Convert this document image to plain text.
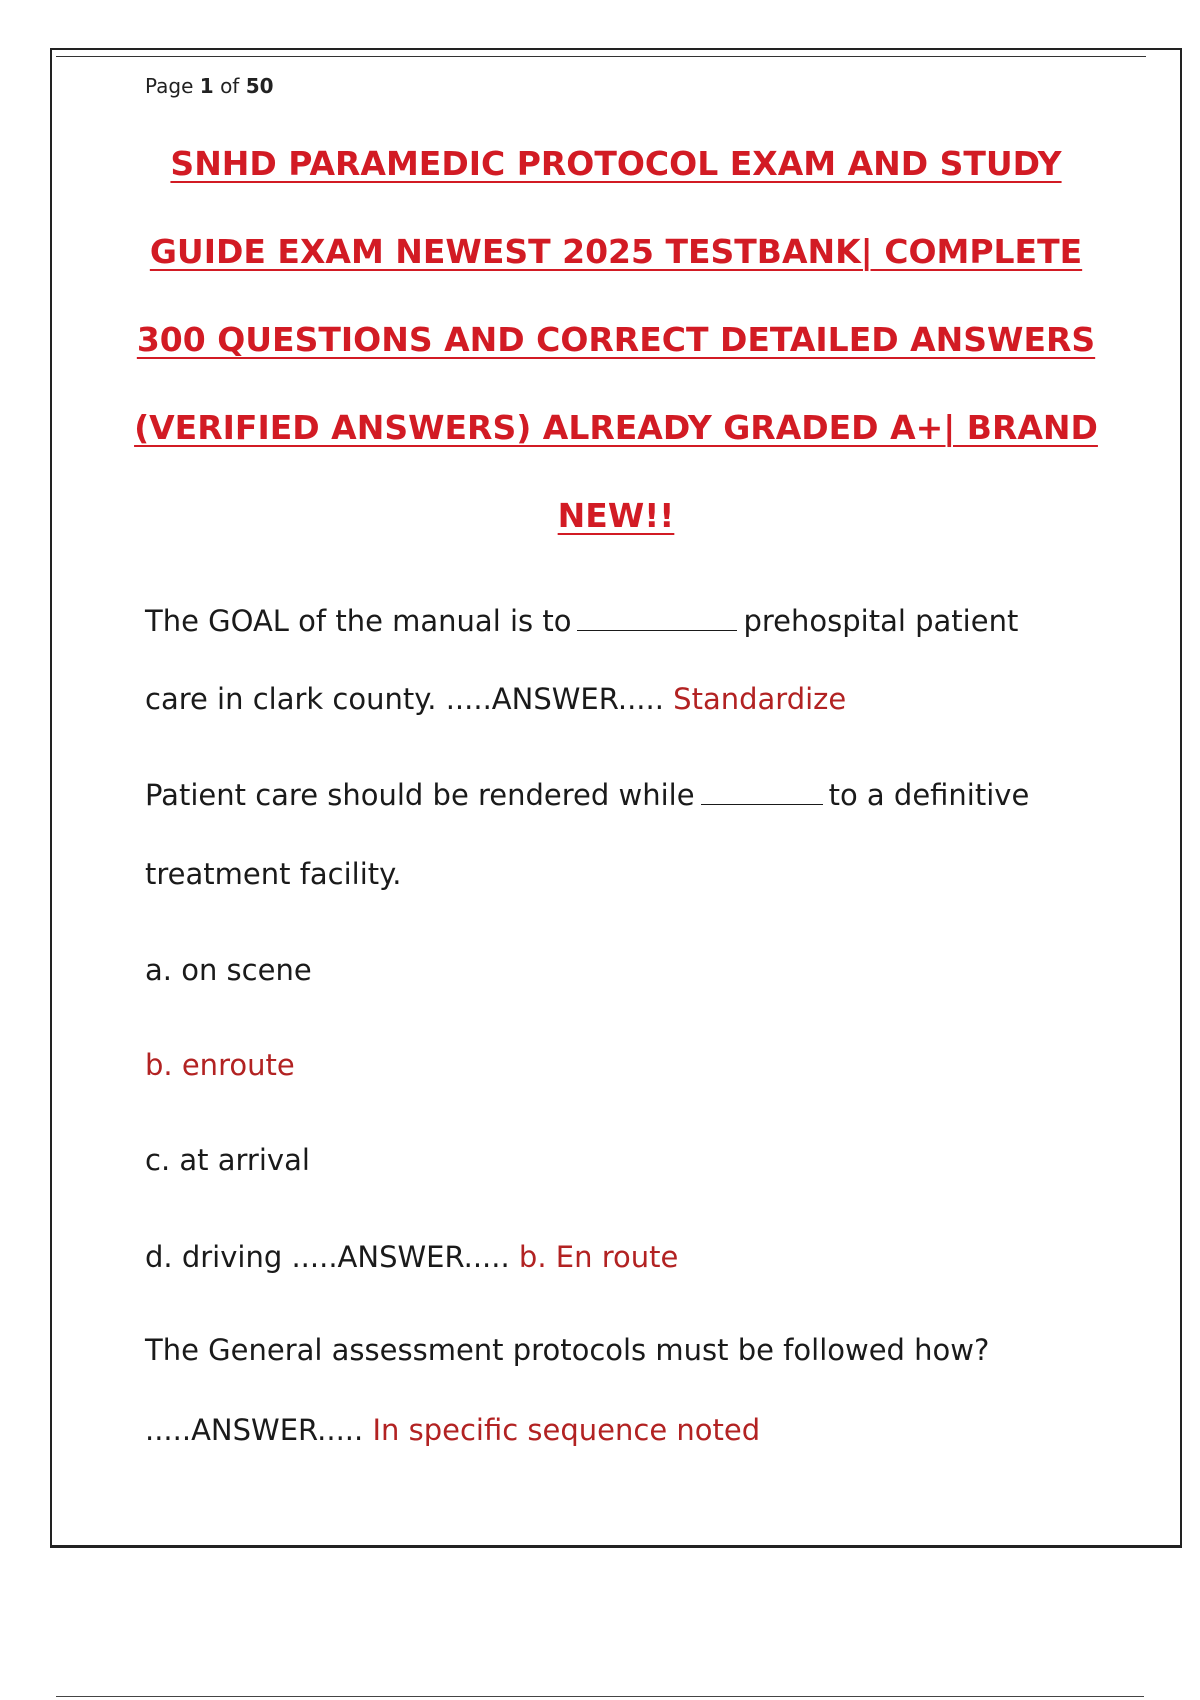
Page 1 of 50
SNHD PARAMEDIC PROTOCOL EXAM AND STUDY
GUIDE EXAM NEWEST 2025 TESTBANK| COMPLETE
300 QUESTIONS AND CORRECT DETAILED ANSWERS
(VERIFIED ANSWERS) ALREADY GRADED A+| BRAND
NEW!!
The GOAL of the manual is to	prehospital patient
care in clark county. .....ANSWER..... Standardize
Patient care should be rendered while	to a definitive
treatment facility.
a. on scene
b. enroute
c. at arrival
d. driving .....ANSWER..... b. En route
The General assessment protocols must be followed how?
.....ANSWER..... In specific sequence noted
